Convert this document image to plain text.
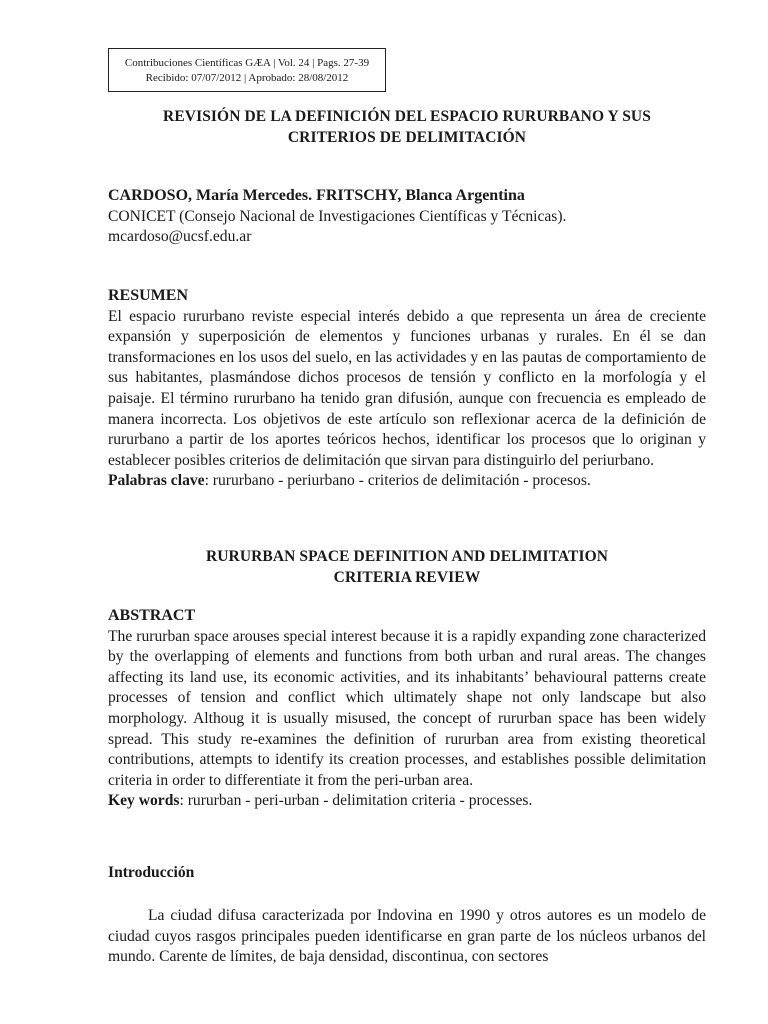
Contribuciones Científicas GÆA | Vol. 24 | Pags. 27-39
Recibido: 07/07/2012 | Aprobado: 28/08/2012
REVISIÓN DE LA DEFINICIÓN DEL ESPACIO RURURBANO Y SUS
CRITERIOS DE DELIMITACIÓN
CARDOSO, María Mercedes. FRITSCHY, Blanca Argentina
CONICET (Consejo Nacional de Investigaciones Científicas y Técnicas).
mcardoso@ucsf.edu.ar
RESUMEN
El espacio rururbano reviste especial interés debido a que representa un área de creciente expansión y superposición de elementos y funciones urbanas y rurales. En él se dan transformaciones en los usos del suelo, en las actividades y en las pautas de comportamiento de sus habitantes, plasmándose dichos procesos de tensión y conflicto en la morfología y el paisaje. El término rururbano ha tenido gran difusión, aunque con frecuencia es empleado de manera incorrecta. Los objetivos de este artículo son reflexionar acerca de la definición de rururbano a partir de los aportes teóricos hechos, identificar los procesos que lo originan y establecer posibles criterios de delimitación que sirvan para distinguirlo del periurbano.
Palabras clave: rururbano - periurbano - criterios de delimitación - procesos.
RURURBAN SPACE DEFINITION AND DELIMITATION
CRITERIA REVIEW
ABSTRACT
The rururban space arouses special interest because it is a rapidly expanding zone characterized by the overlapping of elements and functions from both urban and rural areas. The changes affecting its land use, its economic activities, and its inhabitants’ behavioural patterns create processes of tension and conflict which ultimately shape not only landscape but also morphology. Althoug it is usually misused, the concept of rururban space has been widely spread. This study re-examines the definition of rururban area from existing theoretical contributions, attempts to identify its creation processes, and establishes possible delimitation criteria in order to differentiate it from the peri-urban area.
Key words: rururban - peri-urban - delimitation criteria - processes.
Introducción
La ciudad difusa caracterizada por Indovina en 1990 y otros autores es un modelo de ciudad cuyos rasgos principales pueden identificarse en gran parte de los núcleos urbanos del mundo. Carente de límites, de baja densidad, discontinua, con sectores
